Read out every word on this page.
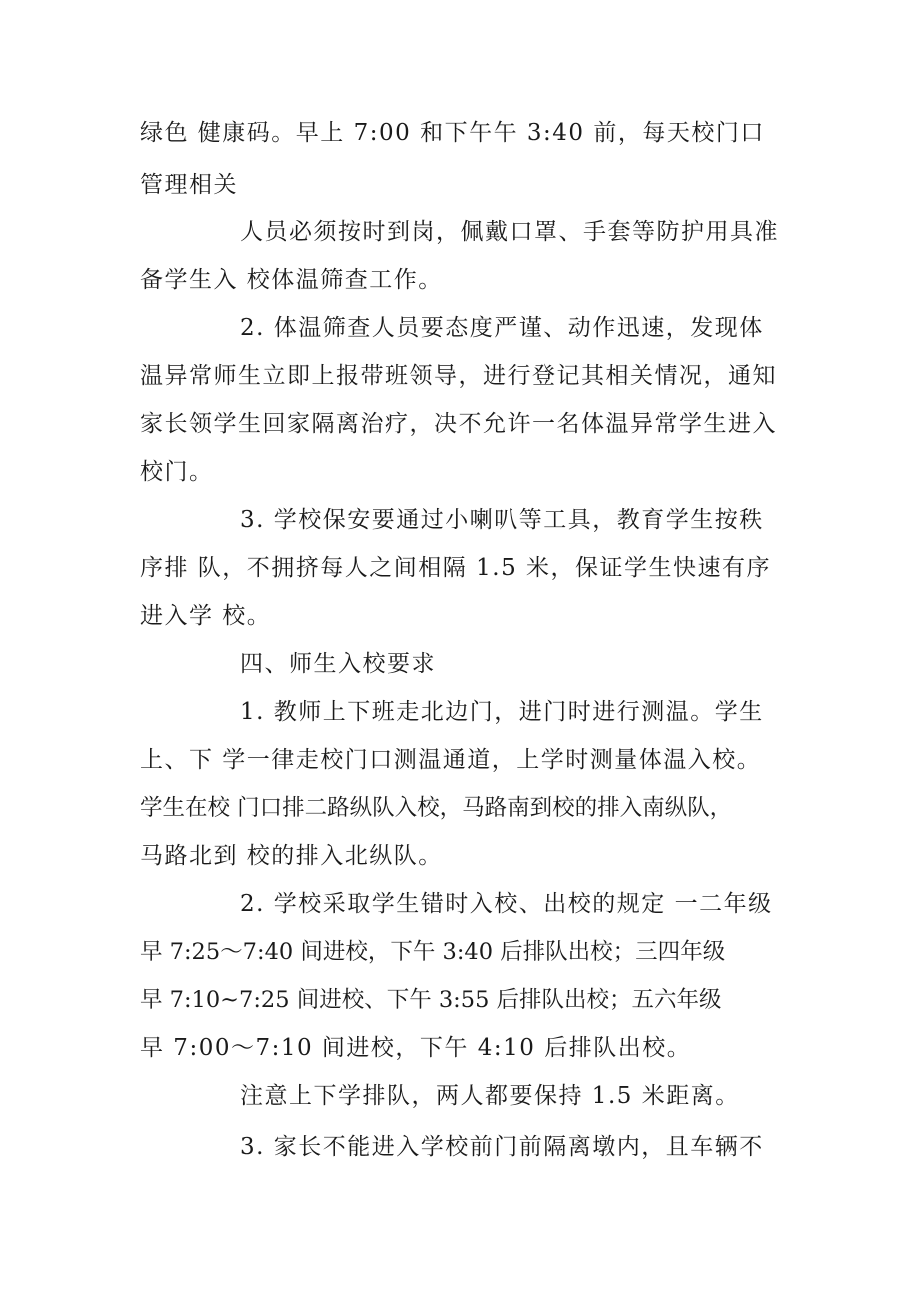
绿色 健康码。早上 7:00 和下午午 3:40 前，每天校门口
管理相关
人员必须按时到岗，佩戴口罩、手套等防护用具准
备学生入 校体温筛查工作。
2. 体温筛查人员要态度严谨、动作迅速，发现体
温异常师生立即上报带班领导，进行登记其相关情况，通知
家长领学生回家隔离治疗，决不允许一名体温异常学生进入
校门。
3. 学校保安要通过小喇叭等工具，教育学生按秩
序排 队，不拥挤每人之间相隔 1.5 米，保证学生快速有序
进入学 校。
四、师生入校要求
1. 教师上下班走北边门，进门时进行测温。学生
上、下 学一律走校门口测温通道，上学时测量体温入校。
学生在校 门口排二路纵队入校，马路南到校的排入南纵队，
马路北到 校的排入北纵队。
2. 学校采取学生错时入校、出校的规定 一二年级
早 7:25～7:40 间进校，下午 3:40 后排队出校；三四年级
早 7:10~7:25 间进校、下午 3:55 后排队出校；五六年级
早 7:00～7:10 间进校，下午 4:10 后排队出校。
注意上下学排队，两人都要保持 1.5 米距离。
3. 家长不能进入学校前门前隔离墩内，且车辆不
